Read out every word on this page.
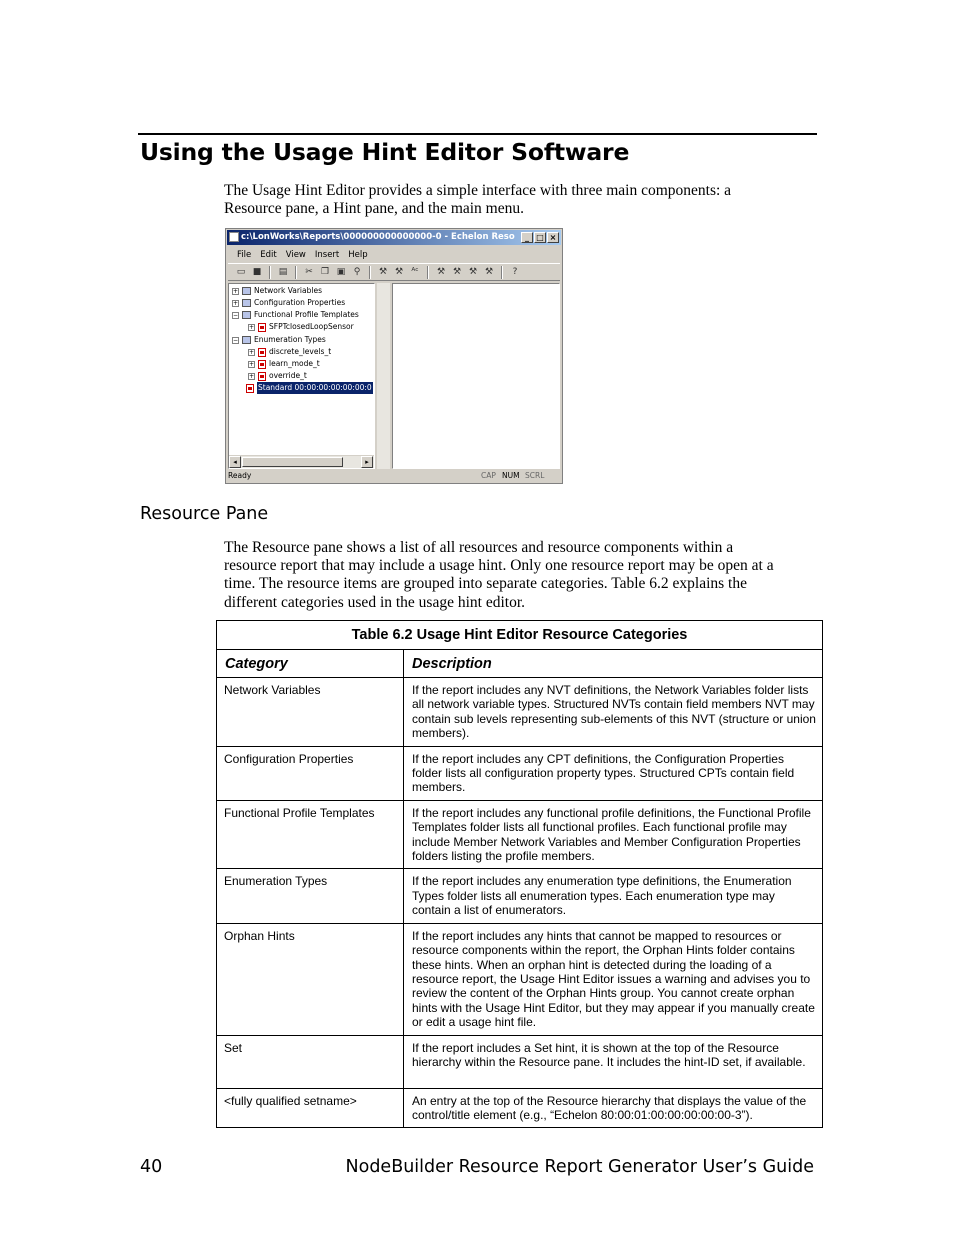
Using the Usage Hint Editor Software
The Usage Hint Editor provides a simple interface with three main components: a
Resource pane, a Hint pane, and the main menu.
c:\LonWorks\Reports\000000000000000-0 - Echelon Reso	_ □ ×
File Edit View Insert Help
▭ ■	▤	✂ ❐ ▣ ⚲	⚒ ⚒ ᴬᶜ	⚒ ⚒ ⚒ ⚒	?
+ Network Variables
+ Configuration Properties
− Functional Profile Templates
+ SFPTclosedLoopSensor
− Enumeration Types
+ discrete_levels_t
+ learn_mode_t
+ override_t
Standard 00:00:00:00:00:00:0
◂	▸
Ready	CAP NUM SCRL
Resource Pane
The Resource pane shows a list of all resources and resource components within a
resource report that may include a usage hint. Only one resource report may be open at a
time. The resource items are grouped into separate categories. Table 6.2 explains the
different categories used in the usage hint editor.
Table 6.2 Usage Hint Editor Resource Categories	
Category	Description
Network Variables	If the report includes any NVT definitions, the Network Variables folder lists all network variable types. Structured NVTs contain field members NVT may contain sub levels representing sub-elements of this NVT (structure or union members).
Configuration Properties	If the report includes any CPT definitions, the Configuration Properties folder lists all configuration property types. Structured CPTs contain field members.
Functional Profile Templates	If the report includes any functional profile definitions, the Functional Profile Templates folder lists all functional profiles. Each functional profile may include Member Network Variables and Member Configuration Properties folders listing the profile members.
Enumeration Types	If the report includes any enumeration type definitions, the Enumeration Types folder lists all enumeration types. Each enumeration type may contain a list of enumerators.
Orphan Hints	If the report includes any hints that cannot be mapped to resources or resource components within the report, the Orphan Hints folder contains these hints. When an orphan hint is detected during the loading of a resource report, the Usage Hint Editor issues a warning and advises you to review the content of the Orphan Hints group. You cannot create orphan hints with the Usage Hint Editor, but they may appear if you manually create or edit a usage hint file.
Set	If the report includes a Set hint, it is shown at the top of the Resource hierarchy within the Resource pane. It includes the hint-ID set, if available.
<fully qualified setname>	An entry at the top of the Resource hierarchy that displays the value of the control/title element (e.g., “Echelon 80:00:01:00:00:00:00:00-3”).
40	NodeBuilder Resource Report Generator User’s Guide
